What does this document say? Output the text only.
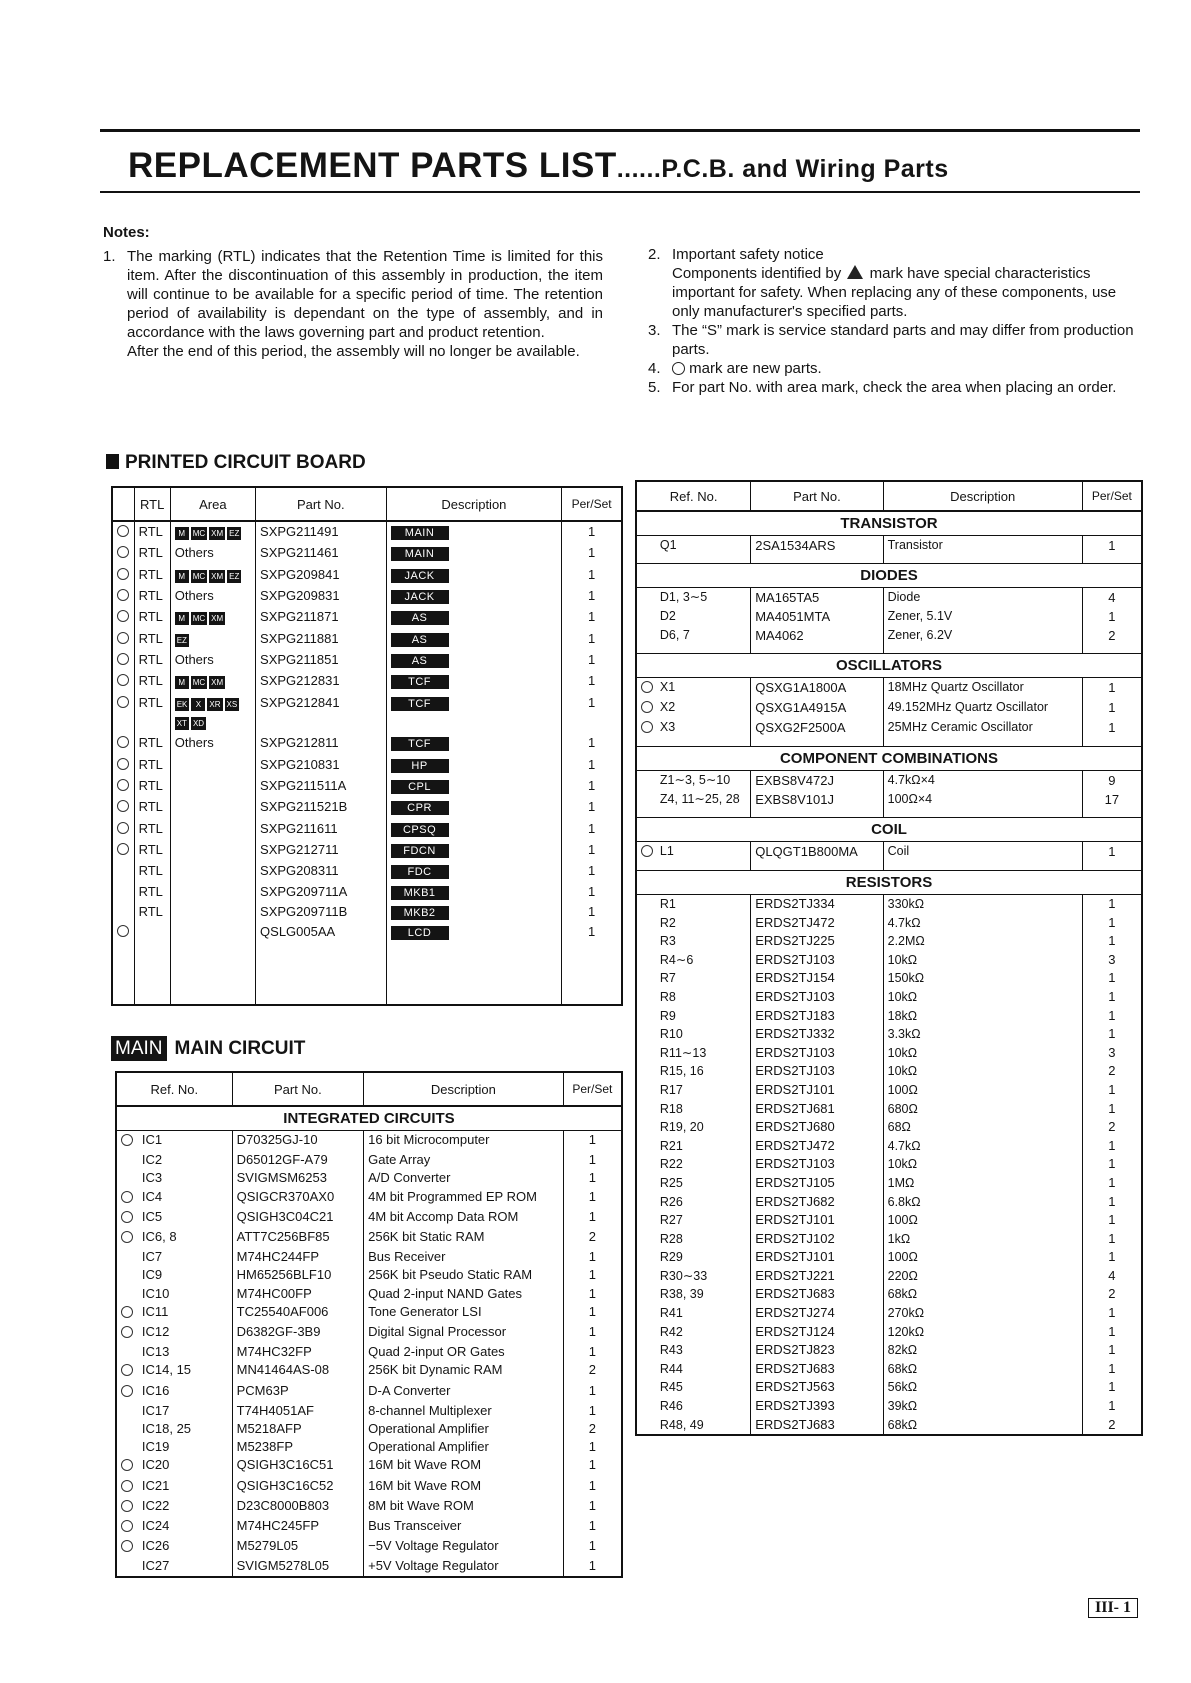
REPLACEMENT PARTS LIST......P.C.B. and Wiring Parts
Notes:

1. The marking (RTL) indicates that the Retention Time is limited for this item. After the discontinuation of this assembly in production, the item will continue to be available for a specific period of time. The retention period of availability is dependant on the type of assembly, and in accordance with the laws governing part and product retention.
After the end of this period, the assembly will no longer be available.

2. Important safety notice
Components identified by mark have special characteristics important for safety. When replacing any of these components, use only manufacturer's specified parts.

3. The “S” mark is service standard parts and may differ from production parts.

4. mark are new parts.

5. For part No. with area mark, check the area when placing an order.

PRINTED CIRCUIT BOARD
	RTL	Area	Part No.	Description	Per/Set
	RTL	M MC XM EZ	SXPG211491	MAIN	1
	RTL	Others	SXPG211461	MAIN	1
	RTL	M MC XM EZ	SXPG209841	JACK	1
	RTL	Others	SXPG209831	JACK	1
	RTL	M MC XM	SXPG211871	AS	1
	RTL	EZ	SXPG211881	AS	1
	RTL	Others	SXPG211851	AS	1
	RTL	M MC XM	SXPG212831	TCF	1
	RTL	EK X XR XSXT XD	SXPG212841	TCF	1
	RTL	Others	SXPG212811	TCF	1
	RTL		SXPG210831	HP	1
	RTL		SXPG211511A	CPL	1
	RTL		SXPG211521B	CPR	1
	RTL		SXPG211611	CPSQ	1
	RTL		SXPG212711	FDCN	1
	RTL		SXPG208311	FDC	1
	RTL		SXPG209711A	MKB1	1
	RTL		SXPG209711B	MKB2	1
			QSLG005AA	LCD	1

MAIN MAIN CIRCUIT
Ref. No.		Part No.	Description	Per/Set
INTEGRATED CIRCUITS				
	IC1	D70325GJ-10	16 bit Microcomputer	1
	IC2	D65012GF-A79	Gate Array	1
	IC3	SVIGMSM6253	A/D Converter	1
	IC4	QSIGCR370AX0	4M bit Programmed EP ROM	1
	IC5	QSIGH3C04C21	4M bit Accomp Data ROM	1
	IC6, 8	ATT7C256BF85	256K bit Static RAM	2
	IC7	M74HC244FP	Bus Receiver	1
	IC9	HM65256BLF10	256K bit Pseudo Static RAM	1
	IC10	M74HC00FP	Quad 2-input NAND Gates	1
	IC11	TC25540AF006	Tone Generator LSI	1
	IC12	D6382GF-3B9	Digital Signal Processor	1
	IC13	M74HC32FP	Quad 2-input OR Gates	1
	IC14, 15	MN41464AS-08	256K bit Dynamic RAM	2
	IC16	PCM63P	D-A Converter	1
	IC17	T74H4051AF	8-channel Multiplexer	1
	IC18, 25	M5218AFP	Operational Amplifier	2
	IC19	M5238FP	Operational Amplifier	1
	IC20	QSIGH3C16C51	16M bit Wave ROM	1
	IC21	QSIGH3C16C52	16M bit Wave ROM	1
	IC22	D23C8000B803	8M bit Wave ROM	1
	IC24	M74HC245FP	Bus Transceiver	1
	IC26	M5279L05	−5V Voltage Regulator	1
	IC27	SVIGM5278L05	+5V Voltage Regulator	1
Ref. No.		Part No.	Description	Per/Set
TRANSISTOR				
	Q1	2SA1534ARS	Transistor	1

DIODES				
	D1, 3∼5	MA165TA5	Diode	4
	D2	MA4051MTA	Zener, 5.1V	1
	D6, 7	MA4062	Zener, 6.2V	2

OSCILLATORS				
	X1	QSXG1A1800A	18MHz Quartz Oscillator	1
	X2	QSXG1A4915A	49.152MHz Quartz Oscillator	1
	X3	QSXG2F2500A	25MHz Ceramic Oscillator	1

COMPONENT COMBINATIONS				
	Z1∼3, 5∼10	EXBS8V472J	4.7kΩ×4	9
	Z4, 11∼25, 28	EXBS8V101J	100Ω×4	17

COIL				
	L1	QLQGT1B800MA	Coil	1

RESISTORS				
	R1	ERDS2TJ334	330kΩ	1
	R2	ERDS2TJ472	4.7kΩ	1
	R3	ERDS2TJ225	2.2MΩ	1
	R4∼6	ERDS2TJ103	10kΩ	3
	R7	ERDS2TJ154	150kΩ	1
	R8	ERDS2TJ103	10kΩ	1
	R9	ERDS2TJ183	18kΩ	1
	R10	ERDS2TJ332	3.3kΩ	1
	R11∼13	ERDS2TJ103	10kΩ	3
	R15, 16	ERDS2TJ103	10kΩ	2
	R17	ERDS2TJ101	100Ω	1
	R18	ERDS2TJ681	680Ω	1
	R19, 20	ERDS2TJ680	68Ω	2
	R21	ERDS2TJ472	4.7kΩ	1
	R22	ERDS2TJ103	10kΩ	1
	R25	ERDS2TJ105	1MΩ	1
	R26	ERDS2TJ682	6.8kΩ	1
	R27	ERDS2TJ101	100Ω	1
	R28	ERDS2TJ102	1kΩ	1
	R29	ERDS2TJ101	100Ω	1
	R30∼33	ERDS2TJ221	220Ω	4
	R38, 39	ERDS2TJ683	68kΩ	2
	R41	ERDS2TJ274	270kΩ	1
	R42	ERDS2TJ124	120kΩ	1
	R43	ERDS2TJ823	82kΩ	1
	R44	ERDS2TJ683	68kΩ	1
	R45	ERDS2TJ563	56kΩ	1
	R46	ERDS2TJ393	39kΩ	1
	R48, 49	ERDS2TJ683	68kΩ	2
III- 1
